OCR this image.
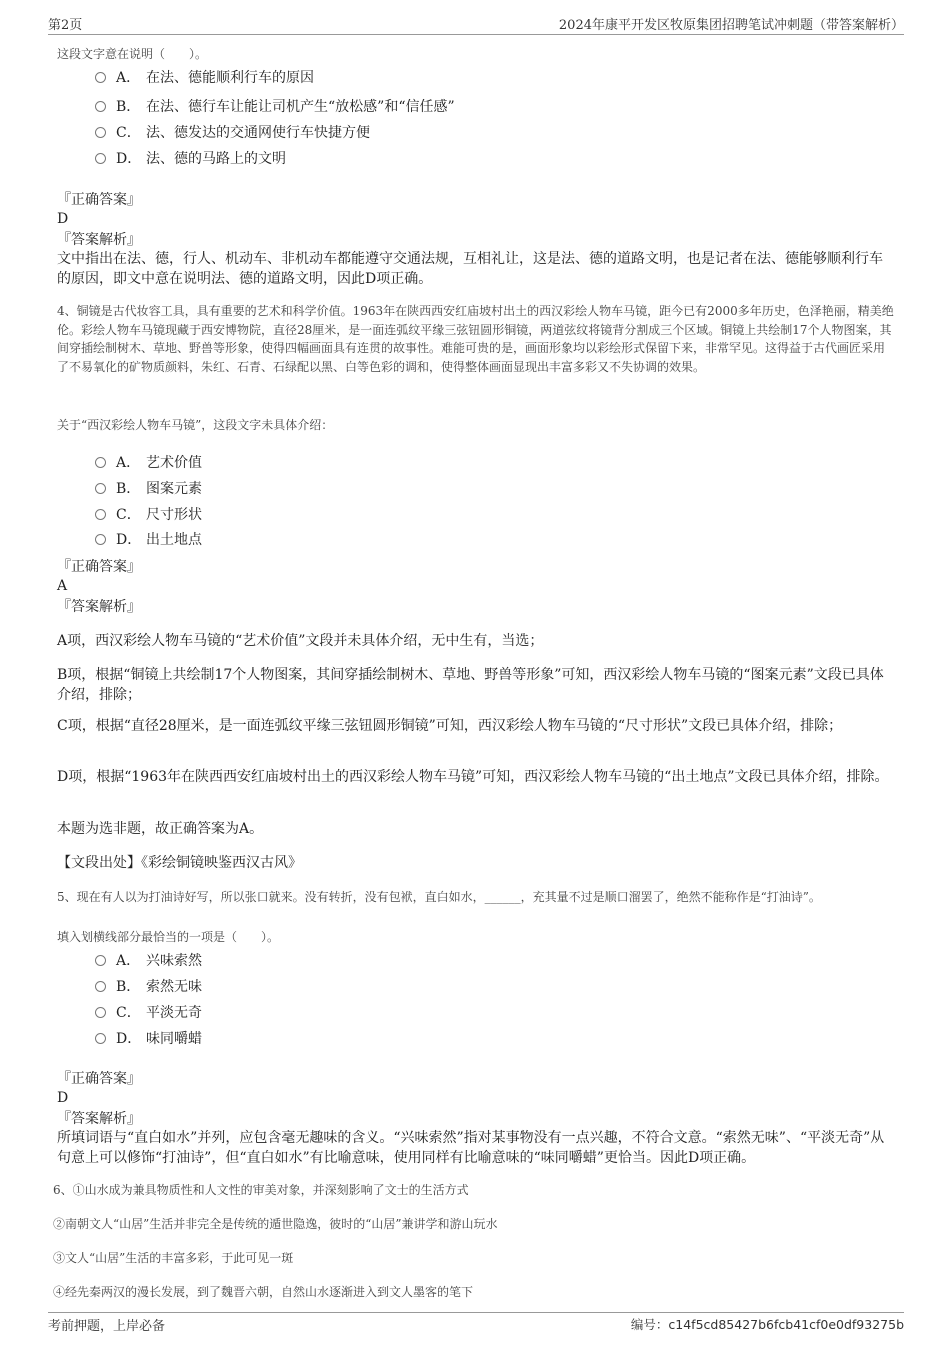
第2页	2024年康平开发区牧原集团招聘笔试冲刺题（带答案解析）
这段文字意在说明（　　）。
A． 在法、德能顺利行车的原因
B． 在法、德行车让能让司机产生“放松感”和“信任感”
C． 法、德发达的交通网使行车快捷方便
D． 法、德的马路上的文明
『正确答案』
D
『答案解析』
文中指出在法、德，行人、机动车、非机动车都能遵守交通法规，互相礼让，这是法、德的道路文明，也是记者在法、德能够顺利行车的原因，即文中意在说明法、德的道路文明，因此D项正确。
4、铜镜是古代妆容工具，具有重要的艺术和科学价值。1963年在陕西西安红庙坡村出土的西汉彩绘人物车马镜，距今已有2000多年历史，色泽艳丽，精美绝伦。彩绘人物车马镜现藏于西安博物院，直径28厘米，是一面连弧纹平缘三弦钮圆形铜镜，两道弦纹将镜背分割成三个区域。铜镜上共绘制17个人物图案，其间穿插绘制树木、草地、野兽等形象，使得四幅画面具有连贯的故事性。难能可贵的是，画面形象均以彩绘形式保留下来，非常罕见。这得益于古代画匠采用了不易氧化的矿物质颜料，朱红、石青、石绿配以黑、白等色彩的调和，使得整体画面显现出丰富多彩又不失协调的效果。
关于“西汉彩绘人物车马镜”，这段文字未具体介绍：
A． 艺术价值
B． 图案元素
C． 尺寸形状
D． 出土地点
『正确答案』
A
『答案解析』
A项，西汉彩绘人物车马镜的“艺术价值”文段并未具体介绍，无中生有，当选；
B项，根据“铜镜上共绘制17个人物图案，其间穿插绘制树木、草地、野兽等形象”可知，西汉彩绘人物车马镜的“图案元素”文段已具体介绍，排除；
C项，根据“直径28厘米，是一面连弧纹平缘三弦钮圆形铜镜”可知，西汉彩绘人物车马镜的“尺寸形状”文段已具体介绍，排除；
D项，根据“1963年在陕西西安红庙坡村出土的西汉彩绘人物车马镜”可知，西汉彩绘人物车马镜的“出土地点”文段已具体介绍，排除。
本题为选非题，故正确答案为A。
【文段出处】《彩绘铜镜映鉴西汉古风》
5、现在有人以为打油诗好写，所以张口就来。没有转折，没有包袱，直白如水，______，充其量不过是顺口溜罢了，绝然不能称作是“打油诗”。
填入划横线部分最恰当的一项是（　　）。
A． 兴味索然
B． 索然无味
C． 平淡无奇
D． 味同嚼蜡
『正确答案』
D
『答案解析』
所填词语与“直白如水”并列，应包含毫无趣味的含义。“兴味索然”指对某事物没有一点兴趣，不符合文意。“索然无味”、“平淡无奇”从句意上可以修饰“打油诗”，但“直白如水”有比喻意味，使用同样有比喻意味的“味同嚼蜡”更恰当。因此D项正确。
6、①山水成为兼具物质性和人文性的审美对象，并深刻影响了文士的生活方式
②南朝文人“山居”生活并非完全是传统的遁世隐逸，彼时的“山居”兼讲学和游山玩水
③文人“山居”生活的丰富多彩，于此可见一斑
④经先秦两汉的漫长发展，到了魏晋六朝，自然山水逐渐进入到文人墨客的笔下
考前押题，上岸必备	编号：c14f5cd85427b6fcb41cf0e0df93275b
